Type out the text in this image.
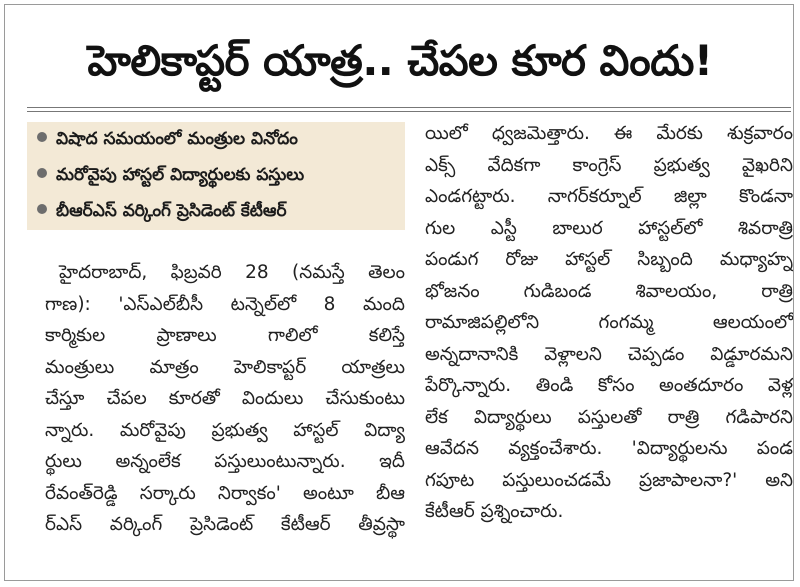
హెలికాప్టర్ యాత్ర.. చేపల కూర విందు!
విషాద సమయంలో మంత్రుల వినోదం
మరోవైపు హాస్టల్ విద్యార్థులకు పస్తులు
బీఆర్ఎస్ వర్కింగ్ ప్రెసిడెంట్ కేటీఆర్
హైదరాబాద్, ఫిబ్రవరి 28 (నమస్తే తెలం
గాణ): 'ఎస్ఎల్‌బీసీ టన్నెల్‌లో 8 మంది
కార్మికుల ప్రాణాలు గాలిలో కలిస్తే
మంత్రులు మాత్రం హెలికాప్టర్ యాత్రలు
చేస్తూ చేపల కూరతో విందులు చేసుకుంటు
న్నారు. మరోవైపు ప్రభుత్వ హాస్టల్ విద్యా
ర్థులు అన్నంలేక పస్తులుంటున్నారు. ఇదీ
రేవంత్‌రెడ్డి సర్కారు నిర్వాకం' అంటూ బీఆ
ర్ఎస్ వర్కింగ్ ప్రెసిడెంట్ కేటీఆర్ తీవ్రస్థా
యిలో ధ్వజమెత్తారు. ఈ మేరకు శుక్రవారం
ఎక్స్ వేదికగా కాంగ్రెస్ ప్రభుత్వ వైఖరిని
ఎండగట్టారు. నాగర్‌కర్నూల్ జిల్లా కొండనా
గుల ఎస్టీ బాలుర హాస్టల్‌లో శివరాత్రి
పండుగ రోజు హాస్టల్ సిబ్బంది మధ్యాహ్న
భోజనం గుడిబండ శివాలయం, రాత్రి
రామాజిపల్లిలోని గంగమ్మ ఆలయంలో
అన్నదానానికి వెళ్లాలని చెప్పడం విడ్డూరమని
పేర్కొన్నారు. తిండి కోసం అంతదూరం వెళ్ల
లేక విద్యార్థులు పస్తులతో రాత్రి గడిపారని
ఆవేదన వ్యక్తంచేశారు. 'విద్యార్థులను పండ
గపూట పస్తులుంచడమే ప్రజాపాలనా?' అని
కేటీఆర్ ప్రశ్నించారు.
